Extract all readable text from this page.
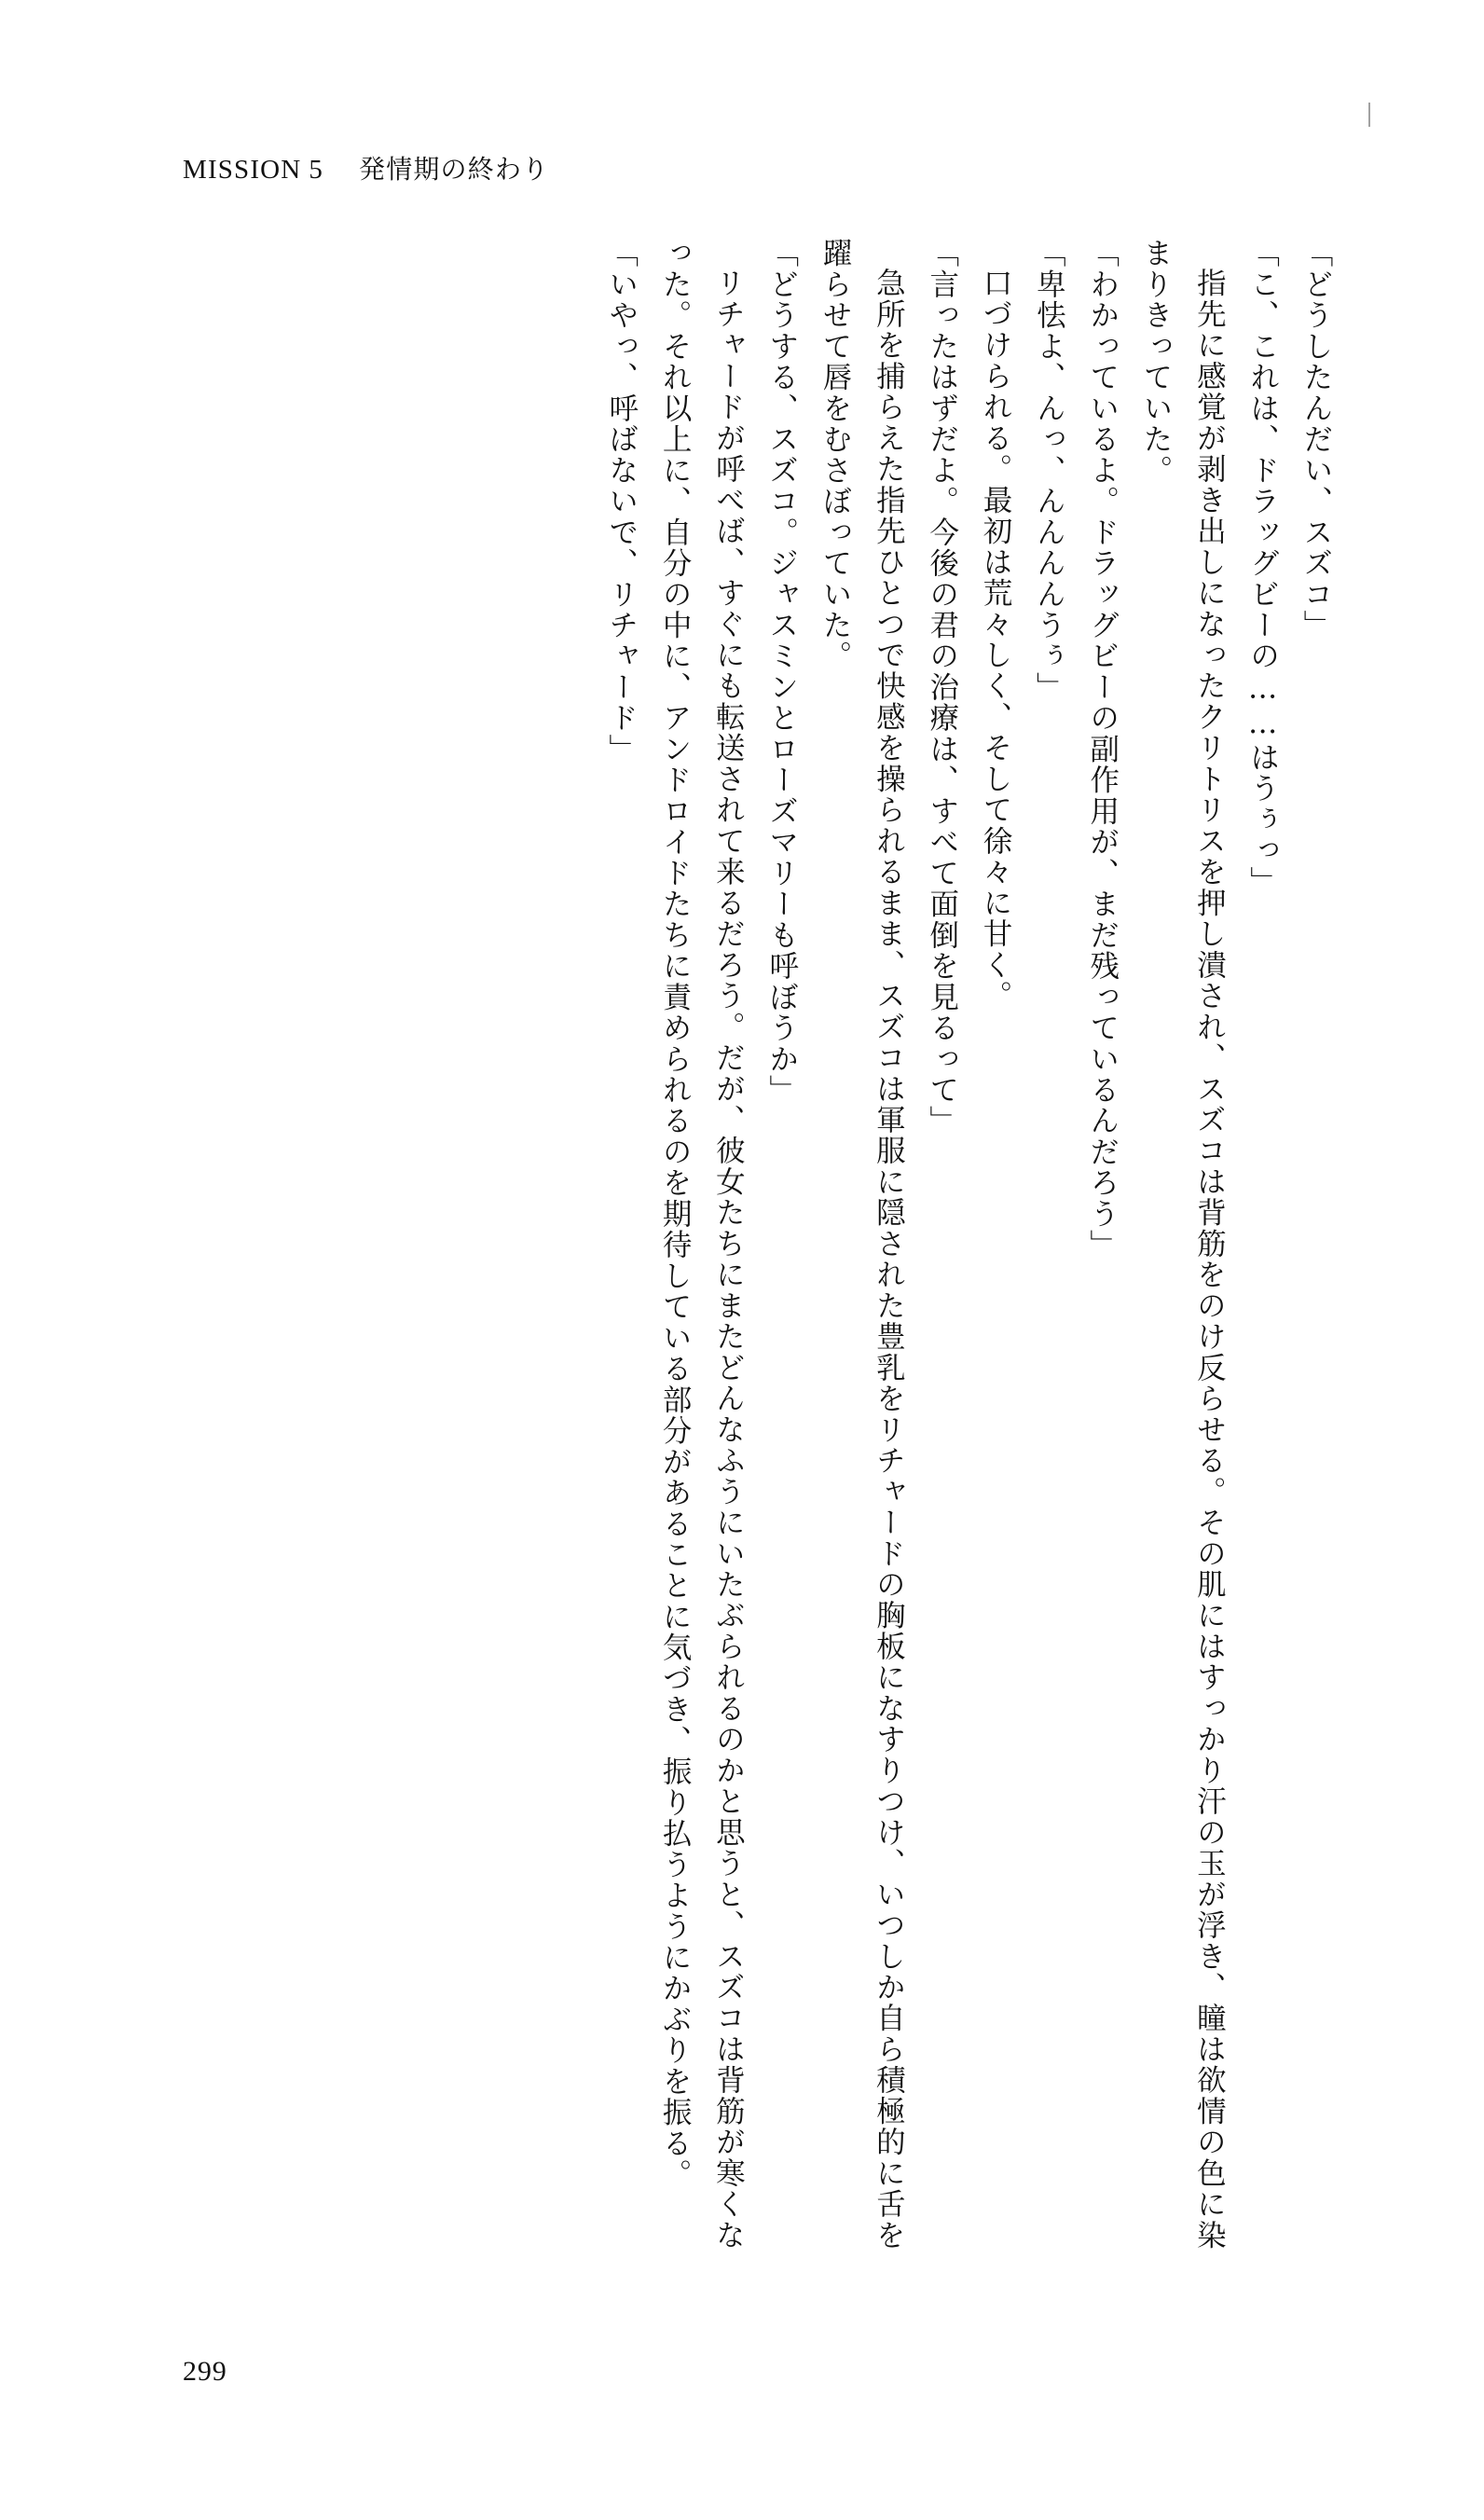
MISSION 5 発情期の終わり

「どうしたんだい、スズコ」

「こ、これは、ドラッグビーの……はうぅっ」

指先に感覚が剥き出しになったクリトリスを押し潰され、スズコは背筋をのけ反らせる。その肌にはすっかり汗の玉が浮き、瞳は欲情の色に染まりきっていた。

「わかっているよ。ドラッグビーの副作用が、まだ残っているんだろう」

「卑怯よ、んっ、んんんんうぅ」

口づけられる。最初は荒々しく、そして徐々に甘く。

「言ったはずだよ。今後の君の治療は、すべて面倒を見るって」

急所を捕らえた指先ひとつで快感を操られるまま、スズコは軍服に隠された豊乳をリチャードの胸板になすりつけ、いつしか自ら積極的に舌を躍らせて唇をむさぼっていた。

「どうする、スズコ。ジャスミンとローズマリーも呼ぼうか」

リチャードが呼べば、すぐにも転送されて来るだろう。だが、彼女たちにまたどんなふうにいたぶられるのかと思うと、スズコは背筋が寒くなった。それ以上に、自分の中に、アンドロイドたちに責められるのを期待している部分があることに気づき、振り払うようにかぶりを振る。

「いやっ、呼ばないで、リチャード」

299
